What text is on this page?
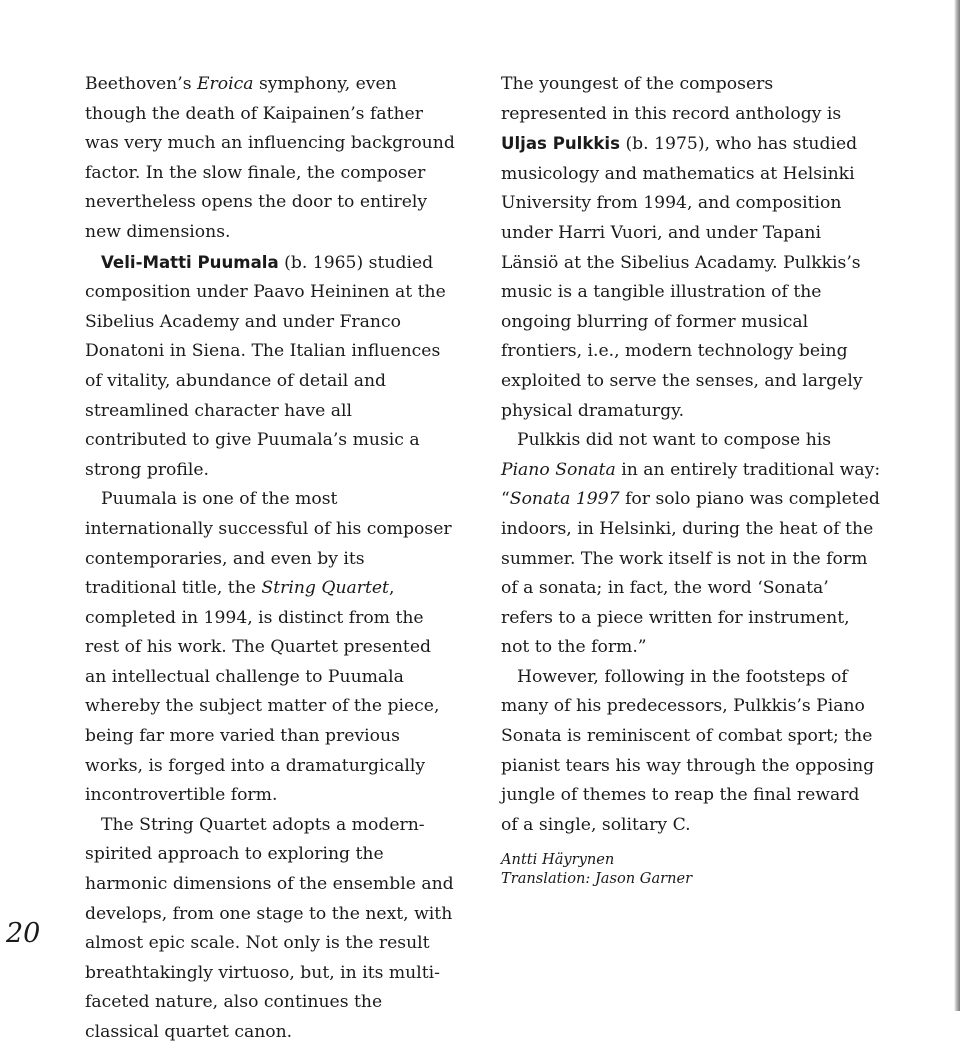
Beethoven’s Eroica symphony, even though the death of Kaipainen’s father was very much an influencing background factor. In the slow finale, the composer nevertheless opens the door to entirely new dimensions.

Veli-Matti Puumala (b. 1965) studied composition under Paavo Heininen at the Sibelius Academy and under Franco Donatoni in Siena. The Italian influences of vitality, abundance of detail and streamlined character have all contributed to give Puumala’s music a strong profile.

Puumala is one of the most internationally successful of his composer contemporaries, and even by its traditional title, the String Quartet, completed in 1994, is distinct from the rest of his work. The Quartet presented an intellectual challenge to Puumala whereby the subject matter of the piece, being far more varied than previous works, is forged into a dramaturgically incontrovertible form.

The String Quartet adopts a modern-spirited approach to exploring the harmonic dimensions of the ensemble and develops, from one stage to the next, with almost epic scale. Not only is the result breathtakingly virtuoso, but, in its multi-faceted nature, also continues the classical quartet canon.

The youngest of the composers represented in this record anthology is Uljas Pulkkis (b. 1975), who has studied musicology and mathematics at Helsinki University from 1994, and composition under Harri Vuori, and under Tapani Länsiö at the Sibelius Acadamy. Pulkkis’s music is a tangible illustration of the ongoing blurring of former musical frontiers, i.e., modern technology being exploited to serve the senses, and largely physical dramaturgy.

Pulkkis did not want to compose his Piano Sonata in an entirely traditional way: “Sonata 1997 for solo piano was completed indoors, in Helsinki, during the heat of the summer. The work itself is not in the form of a sonata; in fact, the word ‘Sonata’ refers to a piece written for instrument, not to the form.”

However, following in the footsteps of many of his predecessors, Pulkkis’s Piano Sonata is reminiscent of combat sport; the pianist tears his way through the opposing jungle of themes to reap the final reward of a single, solitary C.

Antti Häyrynen
Translation: Jason Garner
20
